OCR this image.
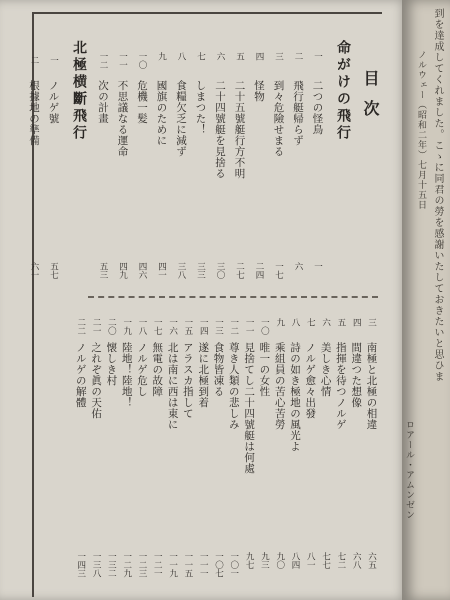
目次
命がけの飛行
一
二つの怪鳥
一
二
飛行艇帰らず
六
三
到々危險せまる
一七
四
怪物
二四
五
二十五號艇行方不明
二七
六
二十四號艇を見捨る
三〇
七
しまつた！
三三
八
食糧欠乏に減ず
三八
九
國旗のために
四一
一〇
危機一髪
四六
一一
不思議なる運命
四九
一二
次の計畫
五三
北極横斷飛行
一
ノルゲ號
五七
二
根據地の準備
六一
三
南極と北極の相違
六五
四
間違つた想像
六八
五
指揮を待つノルゲ
七二
六
美しき心情
七七
七
ノルゲ愈々出發
八一
八
詩の如き極地の風光よ
八四
九
乘組員の苦心苦勞
九〇
一〇
唯一の女性
九三
一一
見捨てし二十四號艇は何處
九七
一二
尊き人類の悲しみ
一〇一
一三
食物皆凍る
一〇七
一四
遂に北極到着
一一一
一五
アラスカ指して
一一五
一六
北は南に西は東に
一一九
一七
無電の故障
一二一
一八
ノルゲ危し
一二三
一九
陸地！陸地！
一二九
二〇
懐しき村
一三二
二一
之れぞ眞の天佑
一三八
二二
ノルゲの解體
一四三
到を達成してくれました。こゝに同君の勞を感謝いたしておきたいと思ひま
ノルウェー（昭和二年）七月十五日
ロアール・アムンゼン
